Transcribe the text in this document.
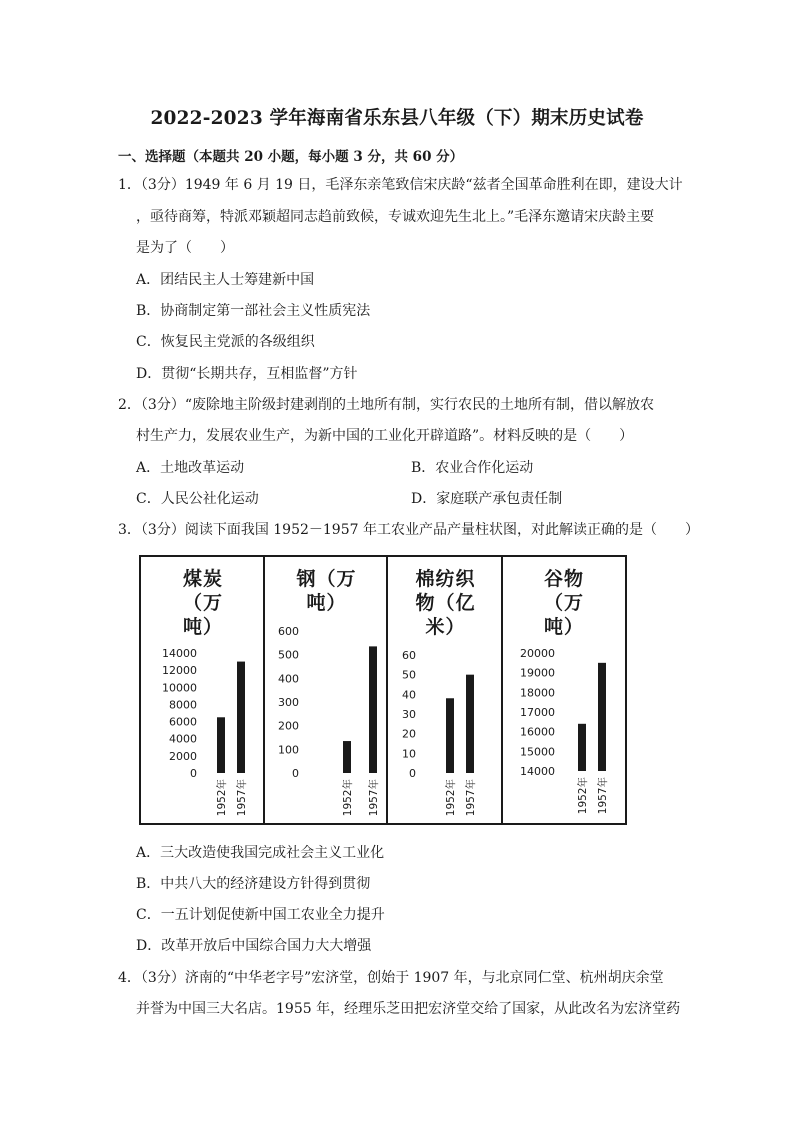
2022-2023 学年海南省乐东县八年级（下）期末历史试卷
一、选择题（本题共 20 小题，每小题 3 分，共 60 分）
1．（3分）1949 年 6 月 19 日，毛泽东亲笔致信宋庆龄“兹者全国革命胜利在即，建设大计
，亟待商筹，特派邓颖超同志趋前致候，专诚欢迎先生北上。”毛泽东邀请宋庆龄主要
是为了（　　）
A．团结民主人士筹建新中国
B．协商制定第一部社会主义性质宪法
C．恢复民主党派的各级组织
D．贯彻“长期共存，互相监督”方针
2．（3分）“废除地主阶级封建剥削的土地所有制，实行农民的土地所有制，借以解放农
村生产力，发展农业生产，为新中国的工业化开辟道路”。材料反映的是（　　）
A．土地改革运动	B．农业合作化运动
C．人民公社化运动	D．家庭联产承包责任制
3．（3分）阅读下面我国 1952－1957 年工农业产品产量柱状图，对此解读正确的是（　　）
煤炭
（万
吨）
14000
12000
10000
8000
6000
4000
2000
0
1952年 1957年
钢（万
吨）
600
500
400
300
200
100
0
1952年 1957年
棉纺织
物（亿
米）
60
50
40
30
20
10
0
1952年 1957年
谷物
（万
吨）
20000
19000
18000
17000
16000
15000
14000
1952年 1957年
A．三大改造使我国完成社会主义工业化
B．中共八大的经济建设方针得到贯彻
C．一五计划促使新中国工农业全力提升
D．改革开放后中国综合国力大大增强
4．（3分）济南的“中华老字号”宏济堂，创始于 1907 年，与北京同仁堂、杭州胡庆余堂
并誉为中国三大名店。1955 年，经理乐芝田把宏济堂交给了国家，从此改名为宏济堂药
